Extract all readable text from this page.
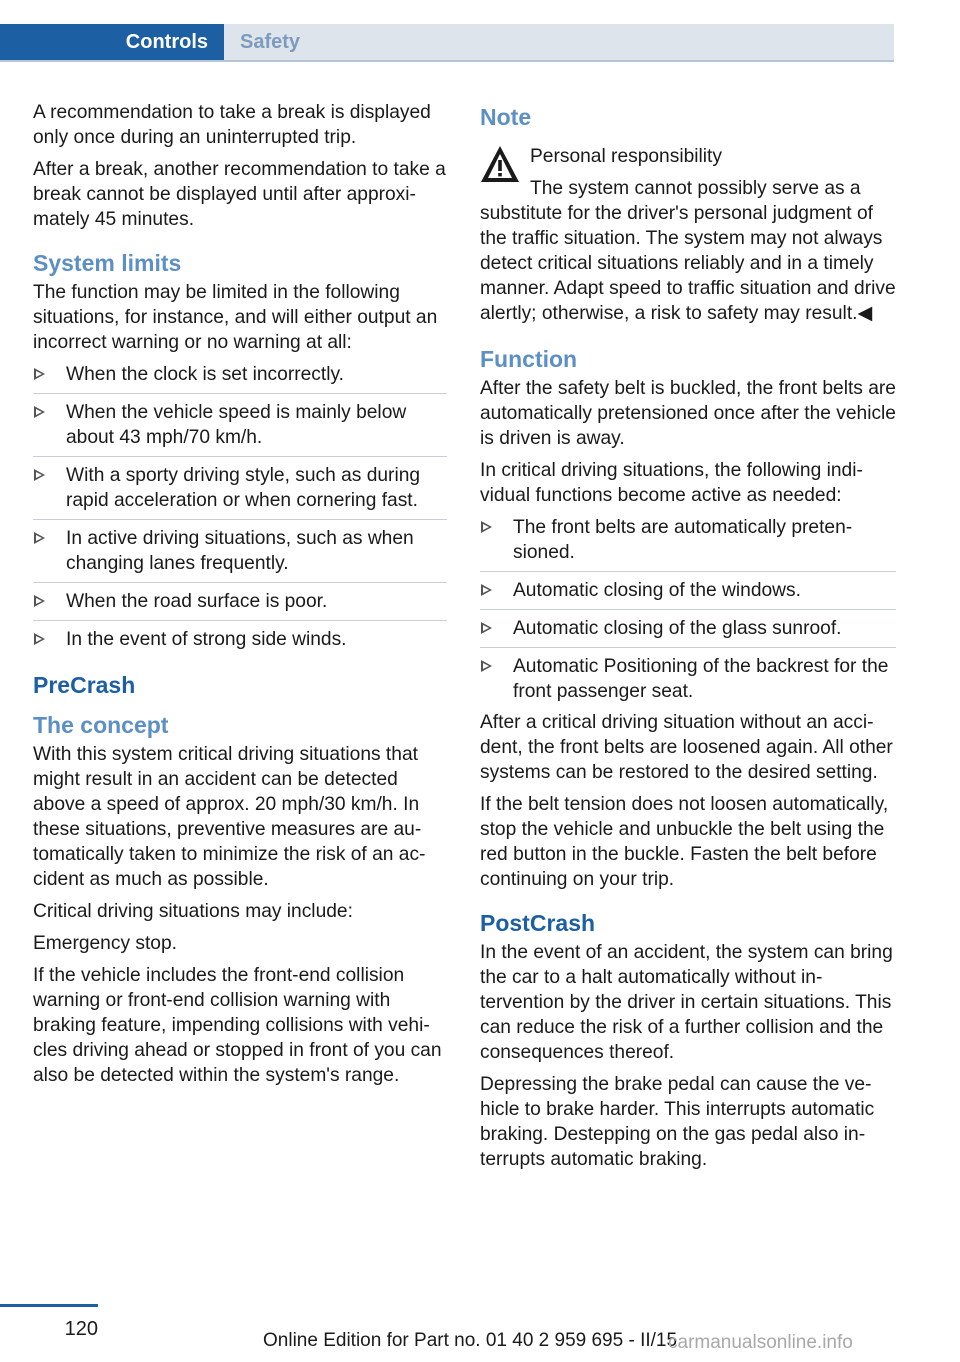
Controls	Safety

A recommendation to take a break is displayed only once during an uninterrupted trip.

After a break, another recommendation to take a break cannot be displayed until after approximately 45 minutes.

System limits

The function may be limited in the following situations, for instance, and will either output an incorrect warning or no warning at all:

When the clock is set incorrectly.
When the vehicle speed is mainly below about 43 mph/70 km/h.
With a sporty driving style, such as during rapid acceleration or when cornering fast.
In active driving situations, such as when changing lanes frequently.
When the road surface is poor.
In the event of strong side winds.
PreCrash
The concept

With this system critical driving situations that might result in an accident can be detected above a speed of approx. 20 mph/30 km/h. In these situations, preventive measures are automatically taken to minimize the risk of an accident as much as possible.

Critical driving situations may include:

Emergency stop.

If the vehicle includes the front-end collision warning or front-end collision warning with braking feature, impending collisions with vehicles driving ahead or stopped in front of you can also be detected within the system's range.

Note

Personal responsibility

The system cannot possibly serve as a substitute for the driver's personal judgment of the traffic situation. The system may not always detect critical situations reliably and in a timely manner. Adapt speed to traffic situation and drive alertly; otherwise, a risk to safety may result.◀

Function

After the safety belt is buckled, the front belts are automatically pretensioned once after the vehicle is driven is away.

In critical driving situations, the following individual functions become active as needed:

The front belts are automatically pretensioned.
Automatic closing of the windows.
Automatic closing of the glass sunroof.
Automatic Positioning of the backrest for the front passenger seat.

After a critical driving situation without an accident, the front belts are loosened again. All other systems can be restored to the desired setting.

If the belt tension does not loosen automatically, stop the vehicle and unbuckle the belt using the red button in the buckle. Fasten the belt before continuing on your trip.

PostCrash

In the event of an accident, the system can bring the car to a halt automatically without intervention by the driver in certain situations. This can reduce the risk of a further collision and the consequences thereof.

Depressing the brake pedal can cause the vehicle to brake harder. This interrupts automatic braking. Destepping on the gas pedal also interrupts automatic braking.

120
Online Edition for Part no. 01 40 2 959 695 - II/15
carmanualsonline.info
